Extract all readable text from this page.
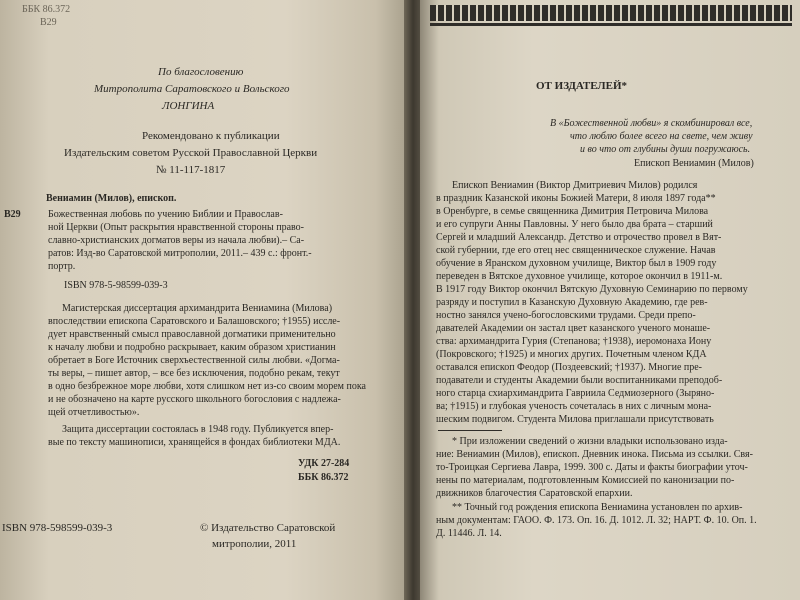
ББК 86.372
В29
По благословению
Митрополита Саратовского и Вольского
ЛОНГИНА
Рекомендовано к публикации
Издательским советом Русской Православной Церкви
№ 11-117-1817
Вениамин (Милов), епископ.
В29	Божественная любовь по учению Библии и Православ-
ной Церкви (Опыт раскрытия нравственной стороны право-
славно-христианских догматов веры из начала любви).– Са-
ратов: Изд-во Саратовской митрополии, 2011.– 439 с.: фронт.-
портр.
ISBN 978-5-98599-039-3
Магистерская диссертация архимандрита Вениамина (Милова)
впоследствии епископа Саратовского и Балашовского; †1955) иссле-
дует нравственный смысл православной догматики применительно
к началу любви и подробно раскрывает, каким образом христианин
обретает в Боге Источник сверхъестественной силы любви. «Догма-
ты веры, – пишет автор, – все без исключения, подобно рекам, текут
в одно безбрежное море любви, хотя слишком нет из-со своим морем пока
и не обозначено на карте русского школьного богословия с надлежа-
щей отчетливостью».
Защита диссертации состоялась в 1948 году. Публикуется впер-
вые по тексту машинописи, хранящейся в фондах библиотеки МДА.
УДК 27-284
ББК 86.372
ISBN 978-598599-039-3	© Издательство Саратовской
митрополии, 2011
ОТ ИЗДАТЕЛЕЙ*
В «Божественной любви» я скомбинировал все,
что люблю более всего на свете, чем живу
и во что от глубины души погружаюсь.
Епископ Вениамин (Милов)
Епископ Вениамин (Виктор Дмитриевич Милов) родился
в праздник Казанской иконы Божией Матери, 8 июля 1897 года**
в Оренбурге, в семье священника Димитрия Петровича Милова
и его супруги Анны Павловны. У него было два брата – старший
Сергей и младший Александр. Детство и отрочество провел в Вят-
ской губернии, где его отец нес священническое служение. Начав
обучение в Яранском духовном училище, Виктор был в 1909 году
переведен в Вятское духовное училище, которое окончил в 1911-м.
В 1917 году Виктор окончил Вятскую Духовную Семинарию по первому
разряду и поступил в Казанскую Духовную Академию, где рев-
ностно занялся учено-богословскими трудами. Среди препо-
давателей Академии он застал цвет казанского ученого монаше-
ства: архимандрита Гурия (Степанова; †1938), иеромонаха Иону
(Покровского; †1925) и многих других. Почетным членом КДА
оставался епископ Феодор (Поздеевский; †1937). Многие пре-
подаватели и студенты Академии были воспитанниками преподоб-
ного старца схиархимандрита Гавриила Седмиозерного (Зыряно-
ва; †1915) и глубокая ученость сочеталась в них с личным мона-
шеским подвигом. Студента Милова приглашали присутствовать
* При изложении сведений о жизни владыки использовано изда-
ние: Вениамин (Милов), епископ. Дневник инока. Письма из ссылки. Свя-
то-Троицкая Сергиева Лавра, 1999. 300 с. Даты и факты биографии уточ-
нены по материалам, подготовленным Комиссией по канонизации по-
движников благочестия Саратовской епархии.
** Точный год рождения епископа Вениамина установлен по архив-
ным документам: ГАОО. Ф. 173. Оп. 16. Д. 1012. Л. 32; НАРТ. Ф. 10. Оп. 1.
Д. 11446. Л. 14.
